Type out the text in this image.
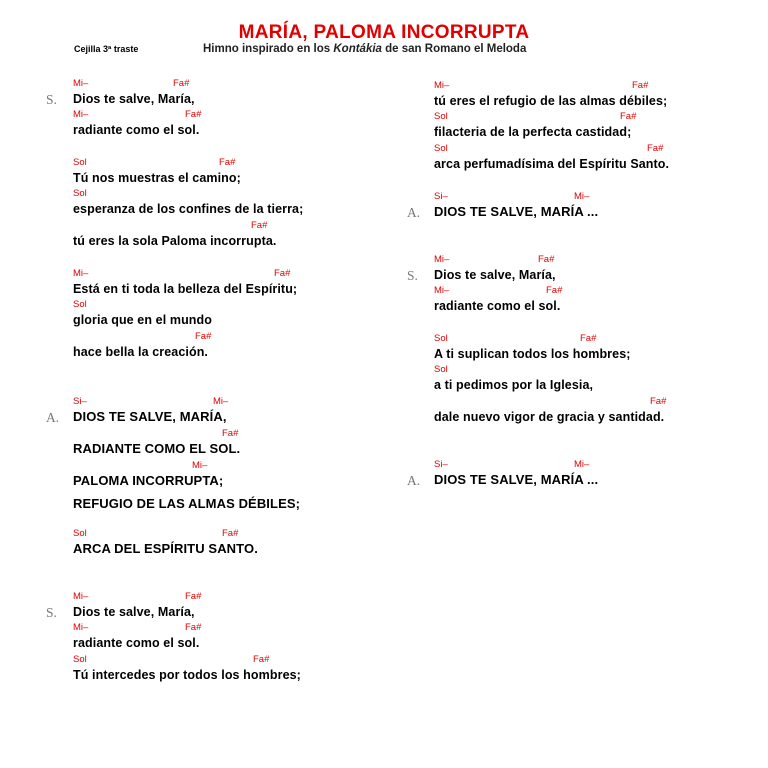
MARÍA, PALOMA INCORRUPTA
Cejilla 3ª traste	Himno inspirado en los Kontákia de san Romano el Meloda
S.
Mi–	Fa#
Dios te salve, María,
Mi–	Fa#
radiante como el sol.
Sol	Fa#
Tú nos muestras el camino;
Sol
esperanza de los confines de la tierra;
Fa#
tú eres la sola Paloma incorrupta.
Mi–	Fa#
Está en ti toda la belleza del Espíritu;
Sol
gloria que en el mundo
Fa#
hace bella la creación.
A.
Si–	Mi–
DIOS TE SALVE, MARÍA,
Fa#
RADIANTE COMO EL SOL.
Mi–
PALOMA INCORRUPTA;
REFUGIO DE LAS ALMAS DÉBILES;
Sol	Fa#
ARCA DEL ESPÍRITU SANTO.
S.
Mi–	Fa#
Dios te salve, María,
Mi–	Fa#
radiante como el sol.
Sol	Fa#
Tú intercedes por todos los hombres;
Mi–	Fa#
tú eres el refugio de las almas débiles;
Sol	Fa#
filacteria de la perfecta castidad;
Sol	Fa#
arca perfumadísima del Espíritu Santo.
A.
Si–	Mi–
DIOS TE SALVE, MARÍA ...
S.
Mi–	Fa#
Dios te salve, María,
Mi–	Fa#
radiante como el sol.
Sol	Fa#
A ti suplican todos los hombres;
Sol
a ti pedimos por la Iglesia,
Fa#
dale nuevo vigor de gracia y santidad.
A.
Si–	Mi–
DIOS TE SALVE, MARÍA ...
